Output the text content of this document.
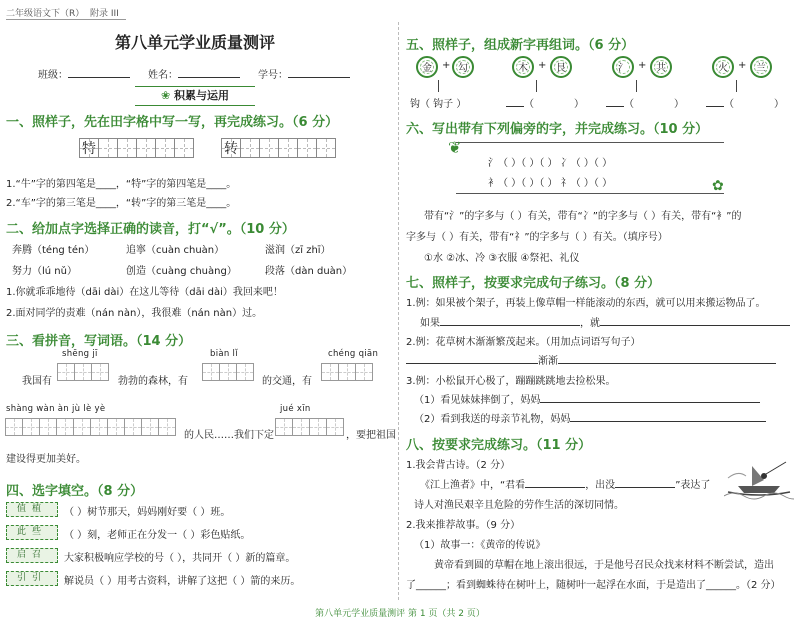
二年级语文下（R） 附录 III
第八单元学业质量测评
班级：	姓名：	学号：
❀ 积累与运用
一、照样子，先在田字格中写一写，再完成练习。（6 分）
特	转
1.“牛”字的第四笔是____，“特”字的第四笔是____。
2.“车”字的第三笔是____，“转”字的第三笔是____。
二、给加点字选择正确的读音，打“√”。（10 分）
奔腾（téng tén）	追寧（cuàn chuàn）	滋润（zī zhī）
努力（lú nǔ）	创造（cuàng chuàng）	段落（dàn duàn）
1.你就乖乖地待（dāi dài）在这儿等待（dāi dài）我回来吧！
2.面对同学的责难（nán nàn），我很难（nán nàn）过。
三、看拼音，写词语。（14 分）
shēng jī	biàn lǐ	chéng qiān
我国有	勃勃的森林，有	的交通，有
shàng wàn àn jù lè yè	jué xīn
的人民……我们下定	，要把祖国
建设得更加美好。
四、选字填空。（8 分）
值植	（ ）树节那天，妈妈刚好要（ ）班。
此些	（ ）刻，老师正在分发一（ ）彩色贴纸。
启召	大家积极响应学校的号（ ），共同开（ ）新的篇章。
引引	解说员（ ）用考古资料，讲解了这把（ ）箭的来历。
五、照样子，组成新字再组词。（6 分）
金	+ 勾	木	+ 艮	氵	+ 共	火	+ 兰
钩（ 钩子 ）	（	）	（	）	（	）
六、写出带有下列偏旁的字，并完成练习。（10 分）
❦
✿
氵（ ）（ ）（ ） 冫（ ）（ ）
衤（ ）（ ）（ ） 礻（ ）（ ）
带有“氵”的字多与（ ）有关，带有“冫”的字多与（ ）有关，带有“衤”的
字多与（ ）有关，带有“礻”的字多与（ ）有关。（填序号）
①水 ②冰、冷 ③衣服 ④祭祀、礼仪
七、照样子，按要求完成句子练习。（8 分）
1.例：如果被个架子，再装上像草帽一样能滚动的东西，就可以用来搬运物品了。
如果	，就
2.例：花草树木渐渐繁茂起来。（用加点词语写句子）
渐渐
3.例：小松鼠开心极了，蹦蹦跳跳地去捡松果。
（1）看见妹妹摔倒了，妈妈
（2）看到我送的母亲节礼物，妈妈
八、按要求完成练习。（11 分）
1.我会背古诗。（2 分）
《江上渔者》中，“君看	，出没	”表达了
诗人对渔民艰辛且危险的劳作生活的深切同情。
2.我来推荐故事。（9 分）
（1）故事一：《黄帝的传说》
黄帝看到圆的草帽在地上滚出很远，于是他号召民众找来材料不断尝试，造出
了______；看到蜘蛛待在树叶上，随树叶一起浮在水面，于是造出了______。（2 分）
第八单元学业质量测评 第 1 页（共 2 页）
